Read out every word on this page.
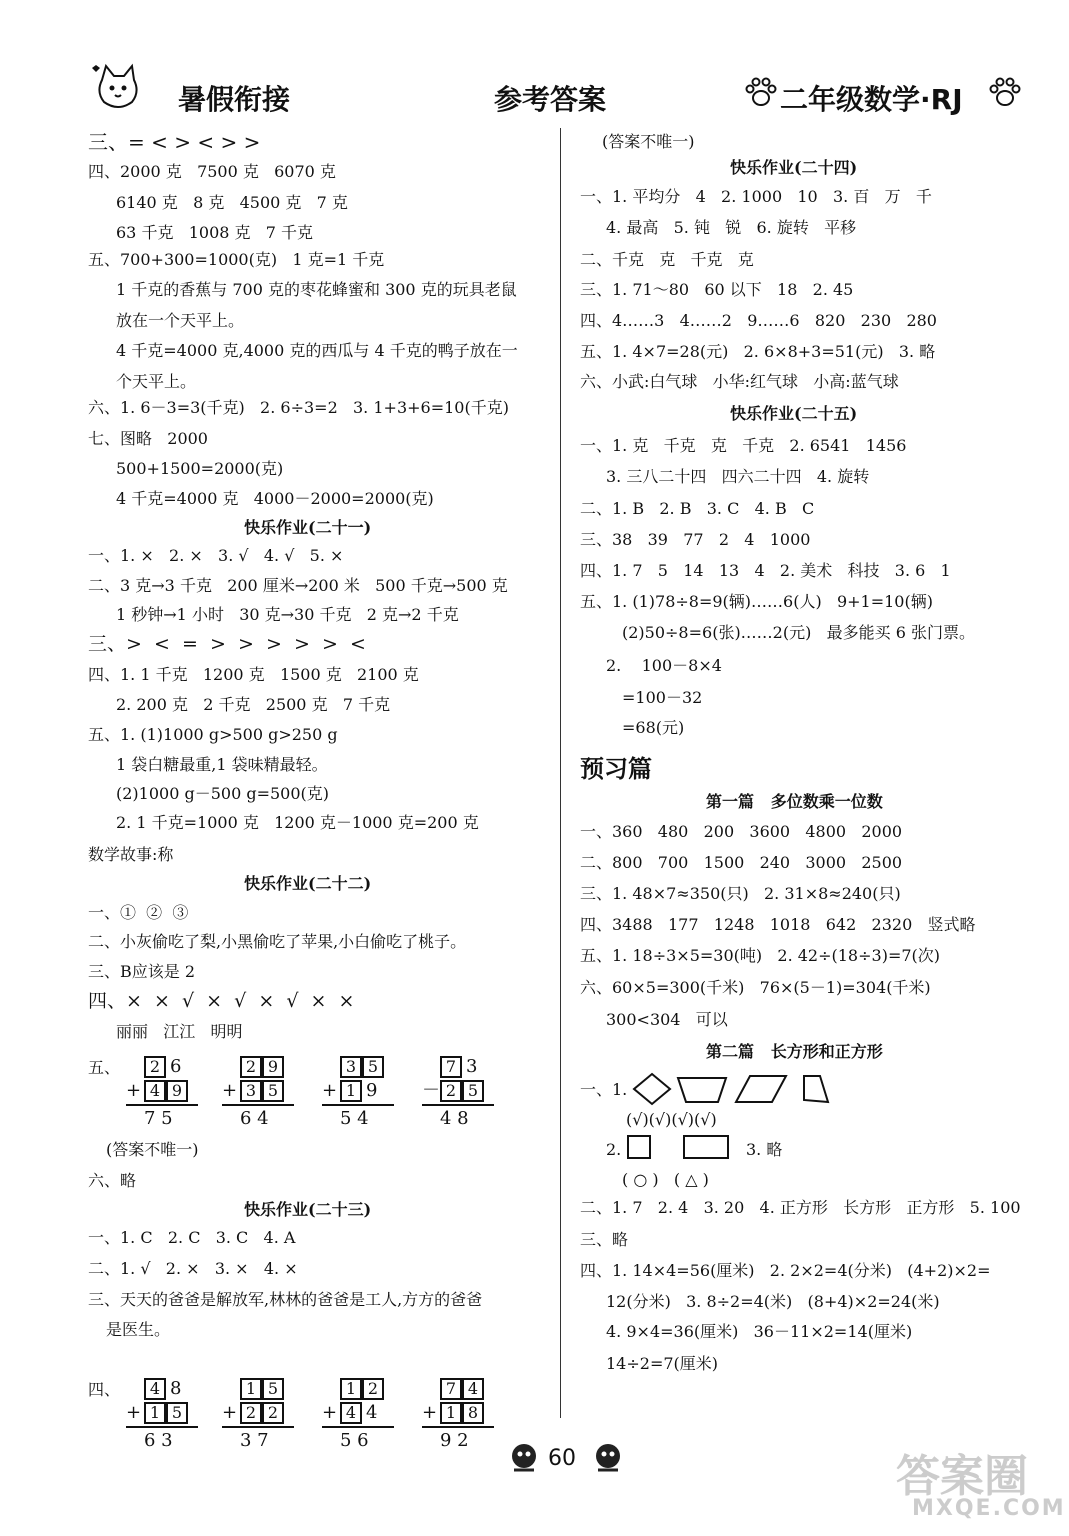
暑假衔接	参考答案	二年级数学·RJ
三、= < > < > >
四、2000 克   7500 克   6070 克
6140 克   8 克   4500 克   7 克
63 千克   1008 克   7 千克
五、700+300=1000(克)   1 克=1 千克
1 千克的香蕉与 700 克的枣花蜂蜜和 300 克的玩具老鼠
放在一个天平上。
4 千克=4000 克,4000 克的西瓜与 4 千克的鸭子放在一
个天平上。
六、1. 6－3=3(千克)   2. 6÷3=2   3. 1+3+6=10(千克)
七、图略   2000
500+1500=2000(克)
4 千克=4000 克   4000－2000=2000(克)
快乐作业(二十一)
一、1. ×   2. ×   3. √   4. √   5. ×
二、3 克→3 千克   200 厘米→200 米   500 千克→500 克
1 秒钟→1 小时   30 克→30 千克   2 克→2 千克
三、>  <  =  >  >  >  >  >  <
四、1. 1 千克   1200 克   1500 克   2100 克
2. 200 克   2 千克   2500 克   7 千克
五、1. (1)1000 g>500 g>250 g
1 袋白糖最重,1 袋味精最轻。
(2)1000 g－500 g=500(克)
2. 1 千克=1000 克   1200 克－1000 克=200 克
数学故事:称
快乐作业(二十二)
一、①  ②  ③
二、小灰偷吃了梨,小黑偷吃了苹果,小白偷吃了桃子。
三、B应该是 2
四、×  ×  √  ×  √  ×  √  ×  ×
丽丽   江江   明明
五、	2 6
+ 4 9
7 5
2 9
+ 3 5
6 4
3 5
+ 1 9
5 4
7 3
－ 2 5
4 8
(答案不唯一)
六、略
快乐作业(二十三)
一、1. C   2. C   3. C   4. A
二、1. √   2. ×   3. ×   4. ×
三、天天的爸爸是解放军,林林的爸爸是工人,方方的爸爸
是医生。
四、	4 8
+ 1 5
6 3
1 5
+ 2 2
3 7
1 2
+ 4 4
5 6
7 4
+ 1 8
9 2
(答案不唯一)
快乐作业(二十四)
一、1. 平均分   4   2. 1000   10   3. 百   万   千
4. 最高   5. 钝   锐   6. 旋转   平移
二、千克   克   千克   克
三、1. 71～80   60 以下   18   2. 45
四、4……3   4……2   9……6   820   230   280
五、1. 4×7=28(元)   2. 6×8+3=51(元)   3. 略
六、小武:白气球   小华:红气球   小高:蓝气球
快乐作业(二十五)
一、1. 克   千克   克   千克   2. 6541   1456
3. 三八二十四   四六二十四   4. 旋转
二、1. B   2. B   3. C   4. B   C
三、38   39   77   2   4   1000
四、1. 7   5   14   13   4   2. 美术   科技   3. 6   1
五、1. (1)78÷8=9(辆)……6(人)   9+1=10(辆)
(2)50÷8=6(张)……2(元)   最多能买 6 张门票。
2.    100－8×4
=100－32
=68(元)
预习篇
第一篇   多位数乘一位数
一、360   480   200   3600   4800   2000
二、800   700   1500   240   3000   2500
三、1. 48×7≈350(只)   2. 31×8≈240(只)
四、3488   177   1248   1018   642   2320   竖式略
五、1. 18÷3×5=30(吨)   2. 42÷(18÷3)=7(次)
六、60×5=300(千米)   76×(5－1)=304(千米)
300<304   可以
第二篇   长方形和正方形
一、1.
(√)(√)(√)(√)
2.	3. 略
( ○ )   ( △ )
二、1. 7   2. 4   3. 20   4. 正方形   长方形   正方形   5. 100
三、略
四、1. 14×4=56(厘米)   2. 2×2=4(分米)   (4+2)×2=
12(分米)   3. 8÷2=4(米)   (8+4)×2=24(米)
4. 9×4=36(厘米)   36－11×2=14(厘米)
14÷2=7(厘米)
60	答案圈
MXQE.COM
